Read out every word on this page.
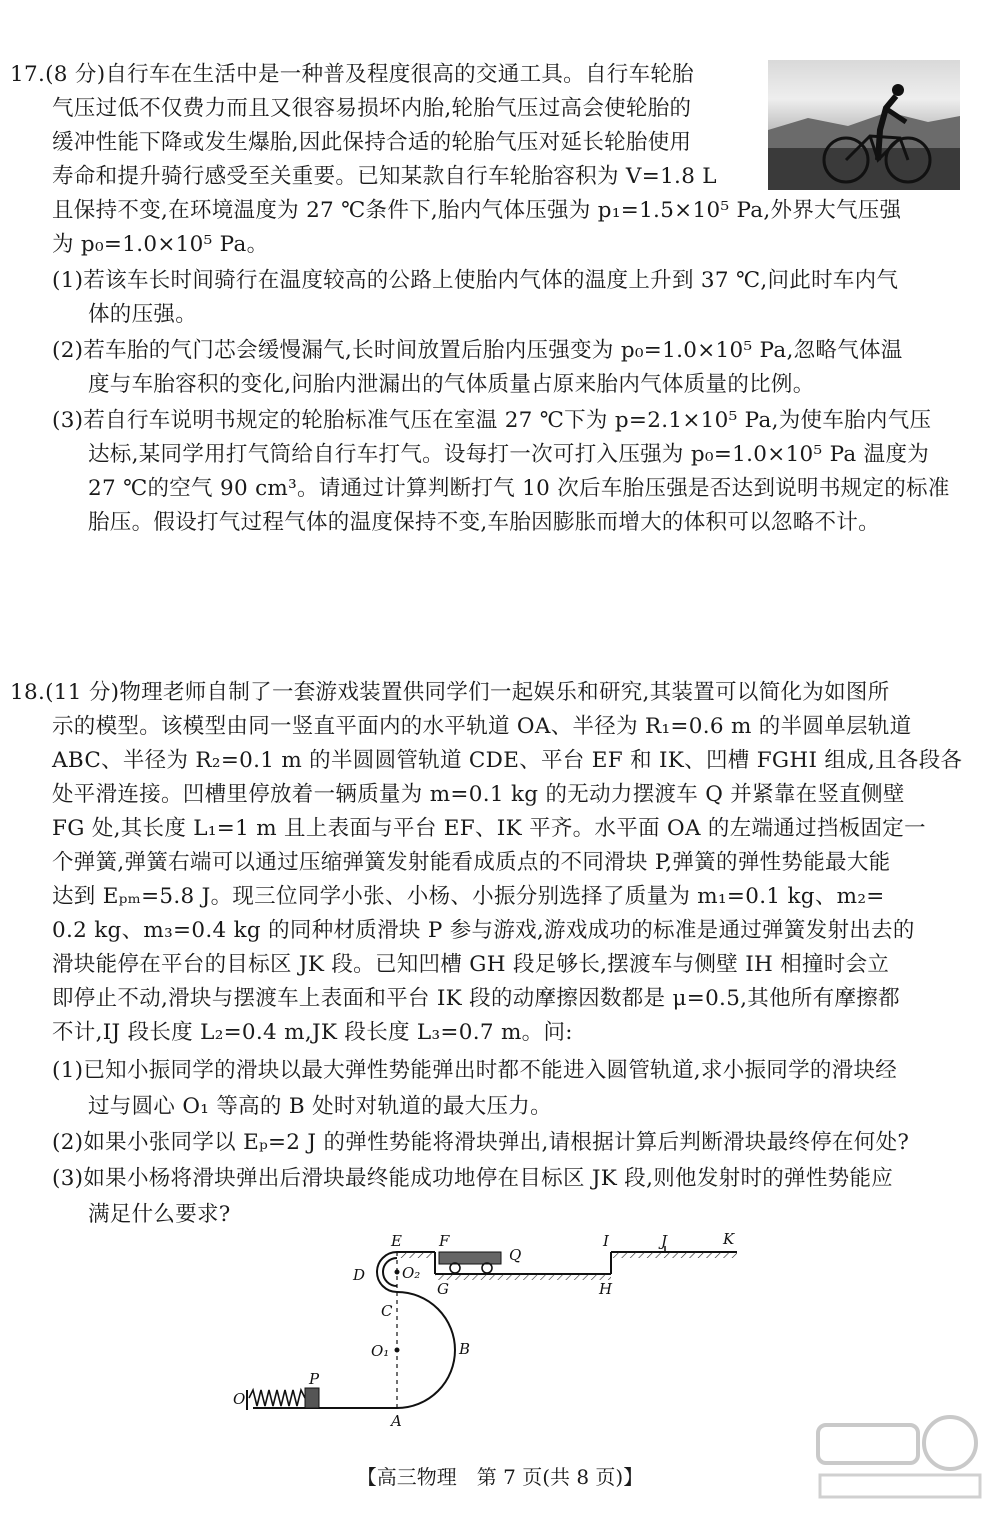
17.(8 分)自行车在生活中是一种普及程度很高的交通工具。自行车轮胎
气压过低不仅费力而且又很容易损坏内胎,轮胎气压过高会使轮胎的
缓冲性能下降或发生爆胎,因此保持合适的轮胎气压对延长轮胎使用
寿命和提升骑行感受至关重要。已知某款自行车轮胎容积为 V=1.8 L
且保持不变,在环境温度为 27 ℃条件下,胎内气体压强为 p₁=1.5×10⁵ Pa,外界大气压强
为 p₀=1.0×10⁵ Pa。
(1)若该车长时间骑行在温度较高的公路上使胎内气体的温度上升到 37 ℃,问此时车内气
体的压强。
(2)若车胎的气门芯会缓慢漏气,长时间放置后胎内压强变为 p₀=1.0×10⁵ Pa,忽略气体温
度与车胎容积的变化,问胎内泄漏出的气体质量占原来胎内气体质量的比例。
(3)若自行车说明书规定的轮胎标准气压在室温 27 ℃下为 p=2.1×10⁵ Pa,为使车胎内气压
达标,某同学用打气筒给自行车打气。设每打一次可打入压强为 p₀=1.0×10⁵ Pa 温度为
27 ℃的空气 90 cm³。请通过计算判断打气 10 次后车胎压强是否达到说明书规定的标准
胎压。假设打气过程气体的温度保持不变,车胎因膨胀而增大的体积可以忽略不计。
18.(11 分)物理老师自制了一套游戏装置供同学们一起娱乐和研究,其装置可以简化为如图所
示的模型。该模型由同一竖直平面内的水平轨道 OA、半径为 R₁=0.6 m 的半圆单层轨道
ABC、半径为 R₂=0.1 m 的半圆圆管轨道 CDE、平台 EF 和 IK、凹槽 FGHI 组成,且各段各
处平滑连接。凹槽里停放着一辆质量为 m=0.1 kg 的无动力摆渡车 Q 并紧靠在竖直侧壁
FG 处,其长度 L₁=1 m 且上表面与平台 EF、IK 平齐。水平面 OA 的左端通过挡板固定一
个弹簧,弹簧右端可以通过压缩弹簧发射能看成质点的不同滑块 P,弹簧的弹性势能最大能
达到 Eₚₘ=5.8 J。现三位同学小张、小杨、小振分别选择了质量为 m₁=0.1 kg、m₂=
0.2 kg、m₃=0.4 kg 的同种材质滑块 P 参与游戏,游戏成功的标准是通过弹簧发射出去的
滑块能停在平台的目标区 JK 段。已知凹槽 GH 段足够长,摆渡车与侧壁 IH 相撞时会立
即停止不动,滑块与摆渡车上表面和平台 IK 段的动摩擦因数都是 μ=0.5,其他所有摩擦都
不计,IJ 段长度 L₂=0.4 m,JK 段长度 L₃=0.7 m。问:
(1)已知小振同学的滑块以最大弹性势能弹出时都不能进入圆管轨道,求小振同学的滑块经
过与圆心 O₁ 等高的 B 处时对轨道的最大压力。
(2)如果小张同学以 Eₚ=2 J 的弹性势能将滑块弹出,请根据计算后判断滑块最终停在何处?
(3)如果小杨将滑块弹出后滑块最终能成功地停在目标区 JK 段,则他发射时的弹性势能应
满足什么要求?
E F
Q
I	J	K
D O₂
G	H
C
O₁	B
O
P
A
【高三物理　第 7 页(共 8 页)】
